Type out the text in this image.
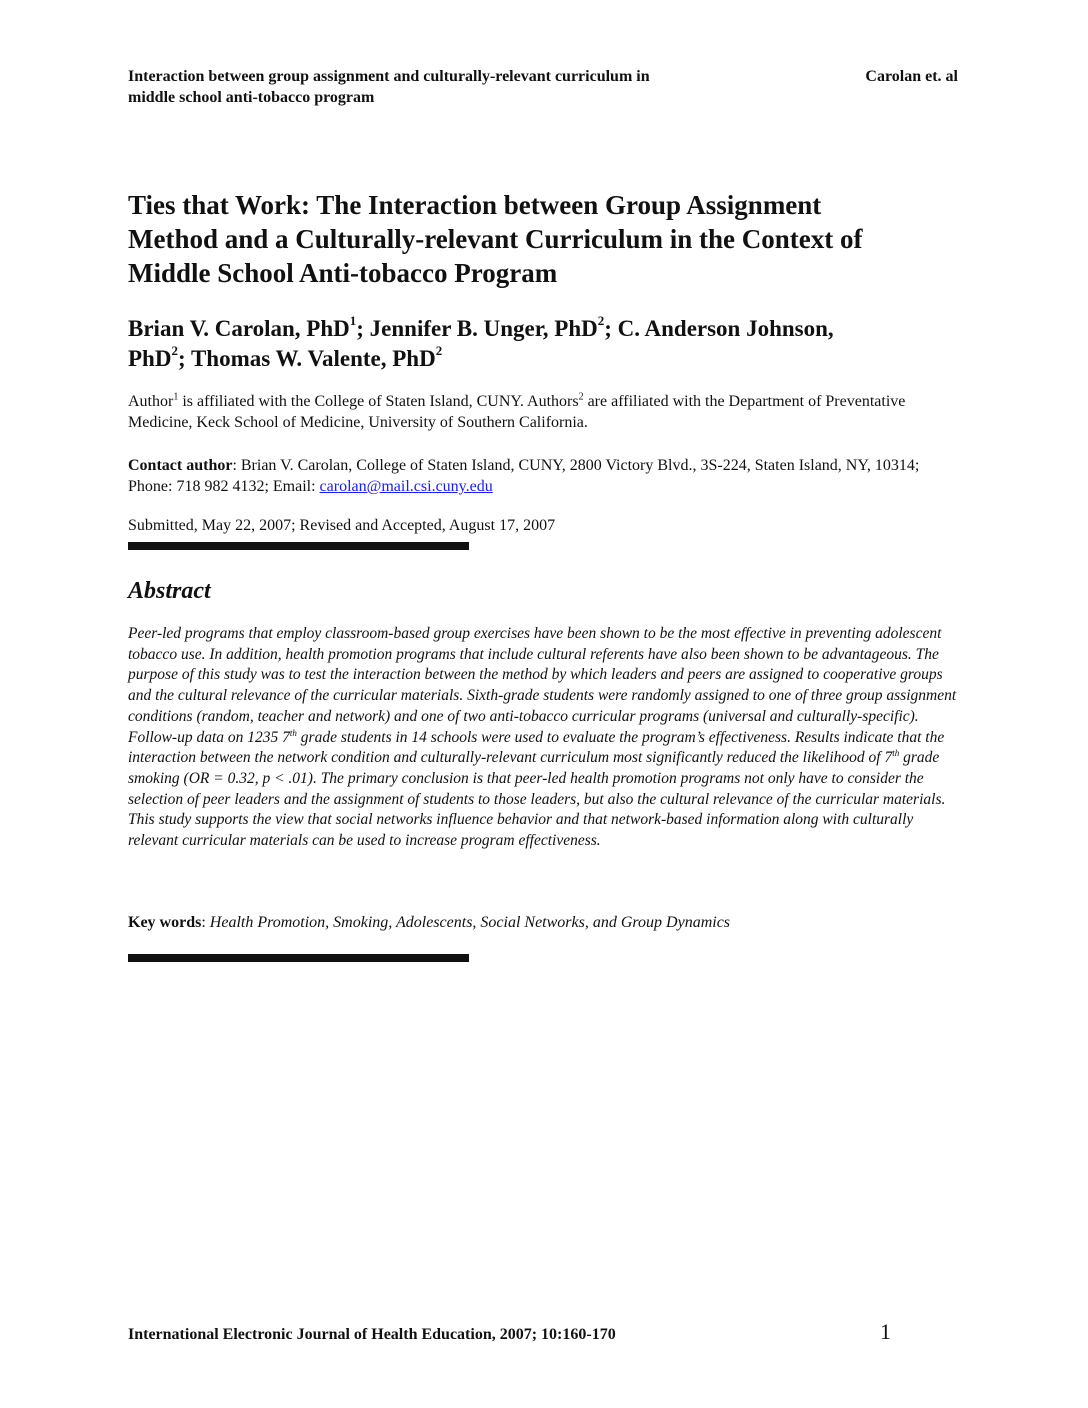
Interaction between group assignment and culturally-relevant curriculum in
middle school anti-tobacco program
Carolan et. al
Ties that Work: The Interaction between Group Assignment
Method and a Culturally-relevant Curriculum in the Context of
Middle School Anti-tobacco Program
Brian V. Carolan, PhD$^1$; Jennifer B. Unger, PhD$^2$; C. Anderson Johnson,
PhD$^2$; Thomas W. Valente, PhD$^2$
Author$^1$ is affiliated with the College of Staten Island, CUNY. Authors$^2$ are affiliated with the Department of Preventative Medicine, Keck School of Medicine, University of Southern California.
Contact author: Brian V. Carolan, College of Staten Island, CUNY, 2800 Victory Blvd., 3S-224, Staten Island, NY, 10314; Phone: 718 982 4132; Email: carolan@mail.csi.cuny.edu
Submitted, May 22, 2007; Revised and Accepted, August 17, 2007
Abstract

Peer-led programs that employ classroom-based group exercises have been shown to be the most effective in preventing adolescent tobacco use. In addition, health promotion programs that include cultural referents have also been shown to be advantageous. The purpose of this study was to test the interaction between the method by which leaders and peers are assigned to cooperative groups and the cultural relevance of the curricular materials. Sixth-grade students were randomly assigned to one of three group assignment conditions (random, teacher and network) and one of two anti-tobacco curricular programs (universal and culturally-specific). Follow-up data on 1235 7th grade students in 14 schools were used to evaluate the program’s effectiveness. Results indicate that the interaction between the network condition and culturally-relevant curriculum most significantly reduced the likelihood of 7th grade smoking (OR = 0.32, p < .01). The primary conclusion is that peer-led health promotion programs not only have to consider the selection of peer leaders and the assignment of students to those leaders, but also the cultural relevance of the curricular materials. This study supports the view that social networks influence behavior and that network-based information along with culturally relevant curricular materials can be used to increase program effectiveness.

Key words: Health Promotion, Smoking, Adolescents, Social Networks, and Group Dynamics
International Electronic Journal of Health Education, 2007; 10:160-170	1
